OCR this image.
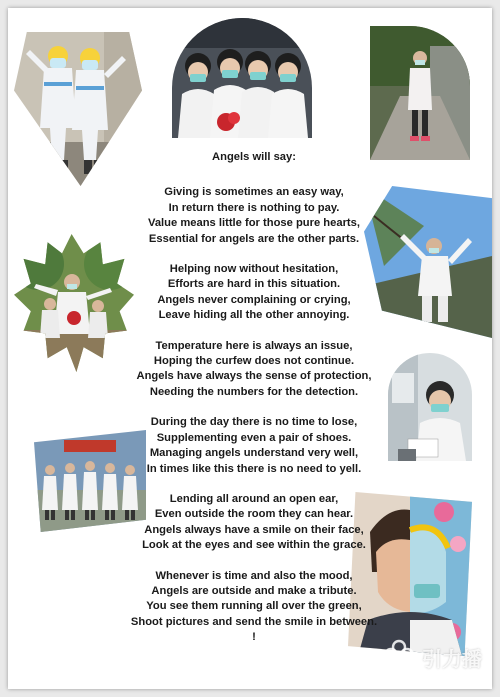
Angels will say:
Giving is sometimes an easy way,
In return there is nothing to pay.
Value means little for those pure hearts,
Essential for angels are the other parts.
Helping now without hesitation,
Efforts are hard in this situation.
Angels never complaining or crying,
Leave hiding all the other annoying.
Temperature here is always an issue,
Hoping the curfew does not continue.
Angels have always the sense of protection,
Needing the numbers for the detection.
During the day there is no time to lose,
Supplementing even a pair of shoes.
Managing angels understand very well,
In times like this there is no need to yell.
Lending all around an open ear,
Even outside the room they can hear.
Angels always have a smile on their face,
Look at the eyes and see within the grace.
Whenever is time and also the mood,
Angels are outside and make a tribute.
You see them running all over the green,
Shoot pictures and send the smile in between.
!
引力播
